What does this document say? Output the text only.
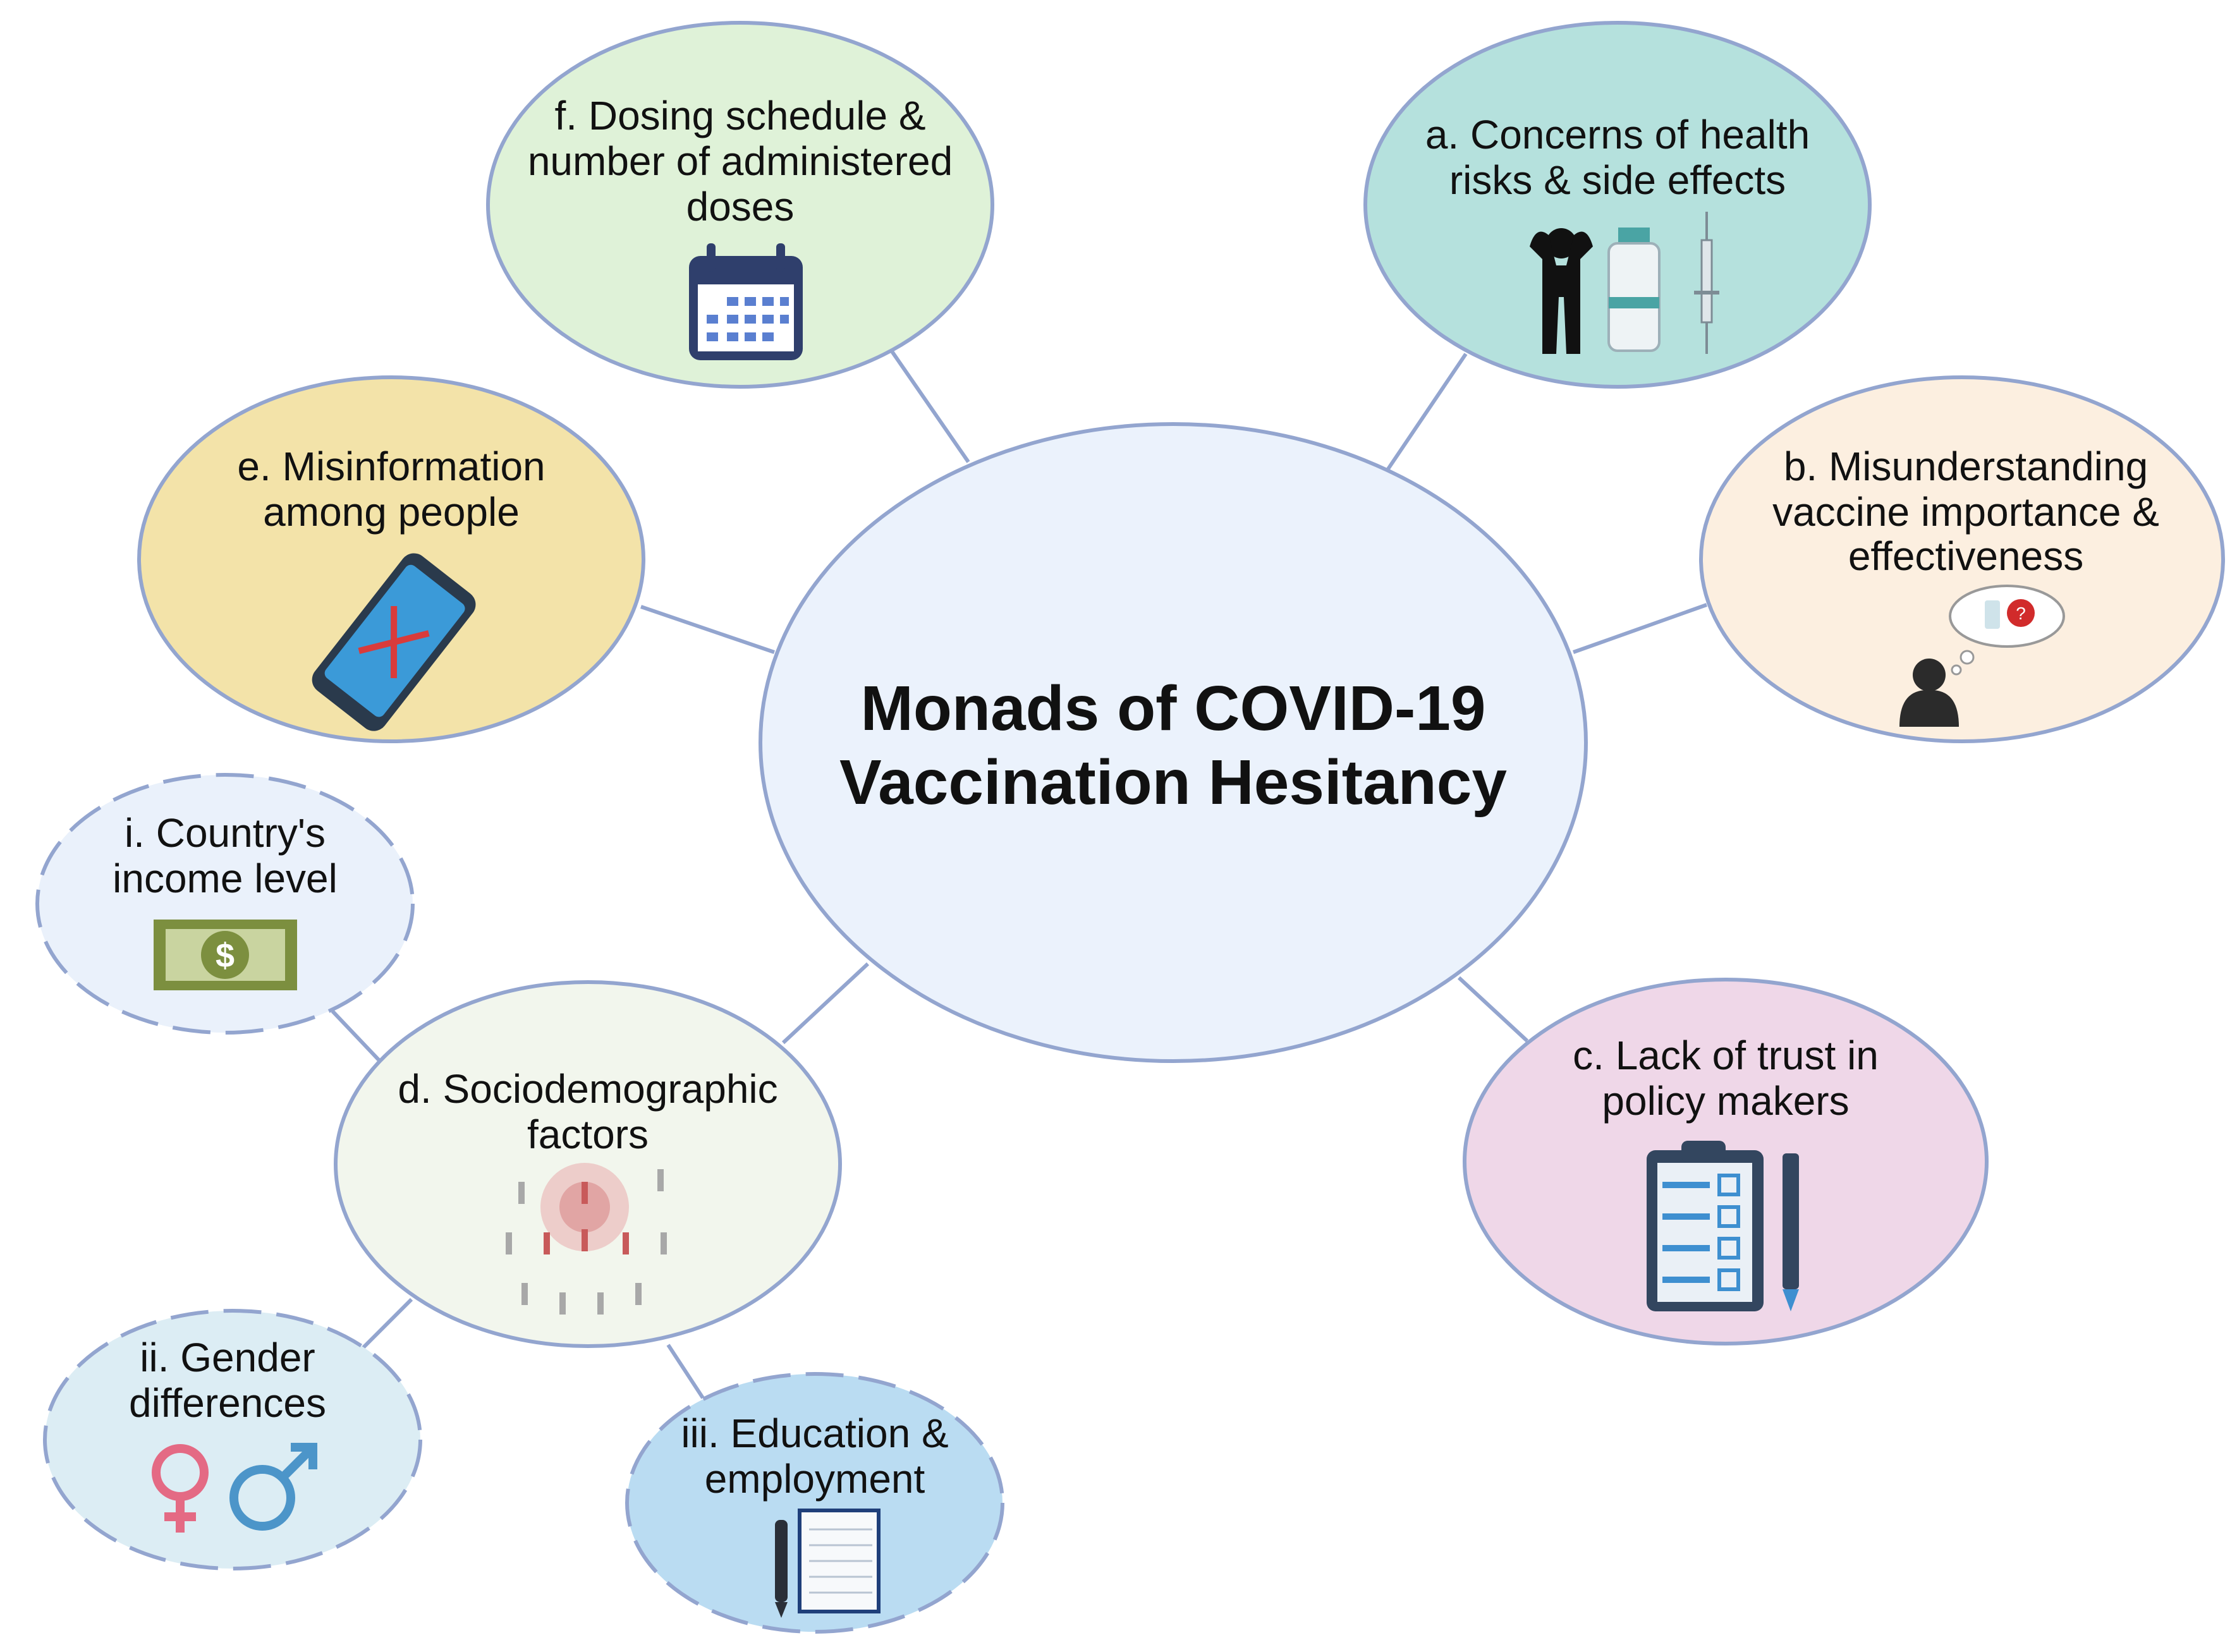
Monads of COVID-19
Vaccination Hesitancy
f. Dosing schedule &
number of administered
doses
a. Concerns of health
risks & side effects
e. Misinformation
among people
b. Misunderstanding
vaccine importance &
effectiveness
?
c. Lack of trust in
policy makers
d. Sociodemographic
factors
i. Country's
income level
$
ii. Gender
differences
iii. Education &
employment
